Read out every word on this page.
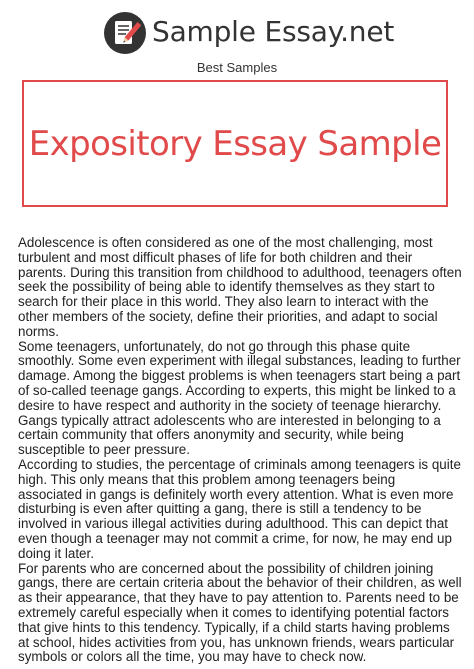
Sample Essay.net
Best Samples
Expository Essay Sample

Adolescence is often considered as one of the most challenging, most turbulent and most difficult phases of life for both children and their parents. During this transition from childhood to adulthood, teenagers often seek the possibility of being able to identify themselves as they start to search for their place in this world. They also learn to interact with the other members of the society, define their priorities, and adapt to social norms.

Some teenagers, unfortunately, do not go through this phase quite smoothly. Some even experiment with illegal substances, leading to further damage. Among the biggest problems is when teenagers start being a part of so-called teenage gangs. According to experts, this might be linked to a desire to have respect and authority in the society of teenage hierarchy. Gangs typically attract adolescents who are interested in belonging to a certain community that offers anonymity and security, while being susceptible to peer pressure.

According to studies, the percentage of criminals among teenagers is quite high. This only means that this problem among teenagers being associated in gangs is definitely worth every attention. What is even more disturbing is even after quitting a gang, there is still a tendency to be involved in various illegal activities during adulthood. This can depict that even though a teenager may not commit a crime, for now, he may end up doing it later.

For parents who are concerned about the possibility of children joining gangs, there are certain criteria about the behavior of their children, as well as their appearance, that they have to pay attention to. Parents need to be extremely careful especially when it comes to identifying potential factors that give hints to this tendency. Typically, if a child starts having problems at school, hides activities from you, has unknown friends, wears particular symbols or colors all the time, you may have to check now.
